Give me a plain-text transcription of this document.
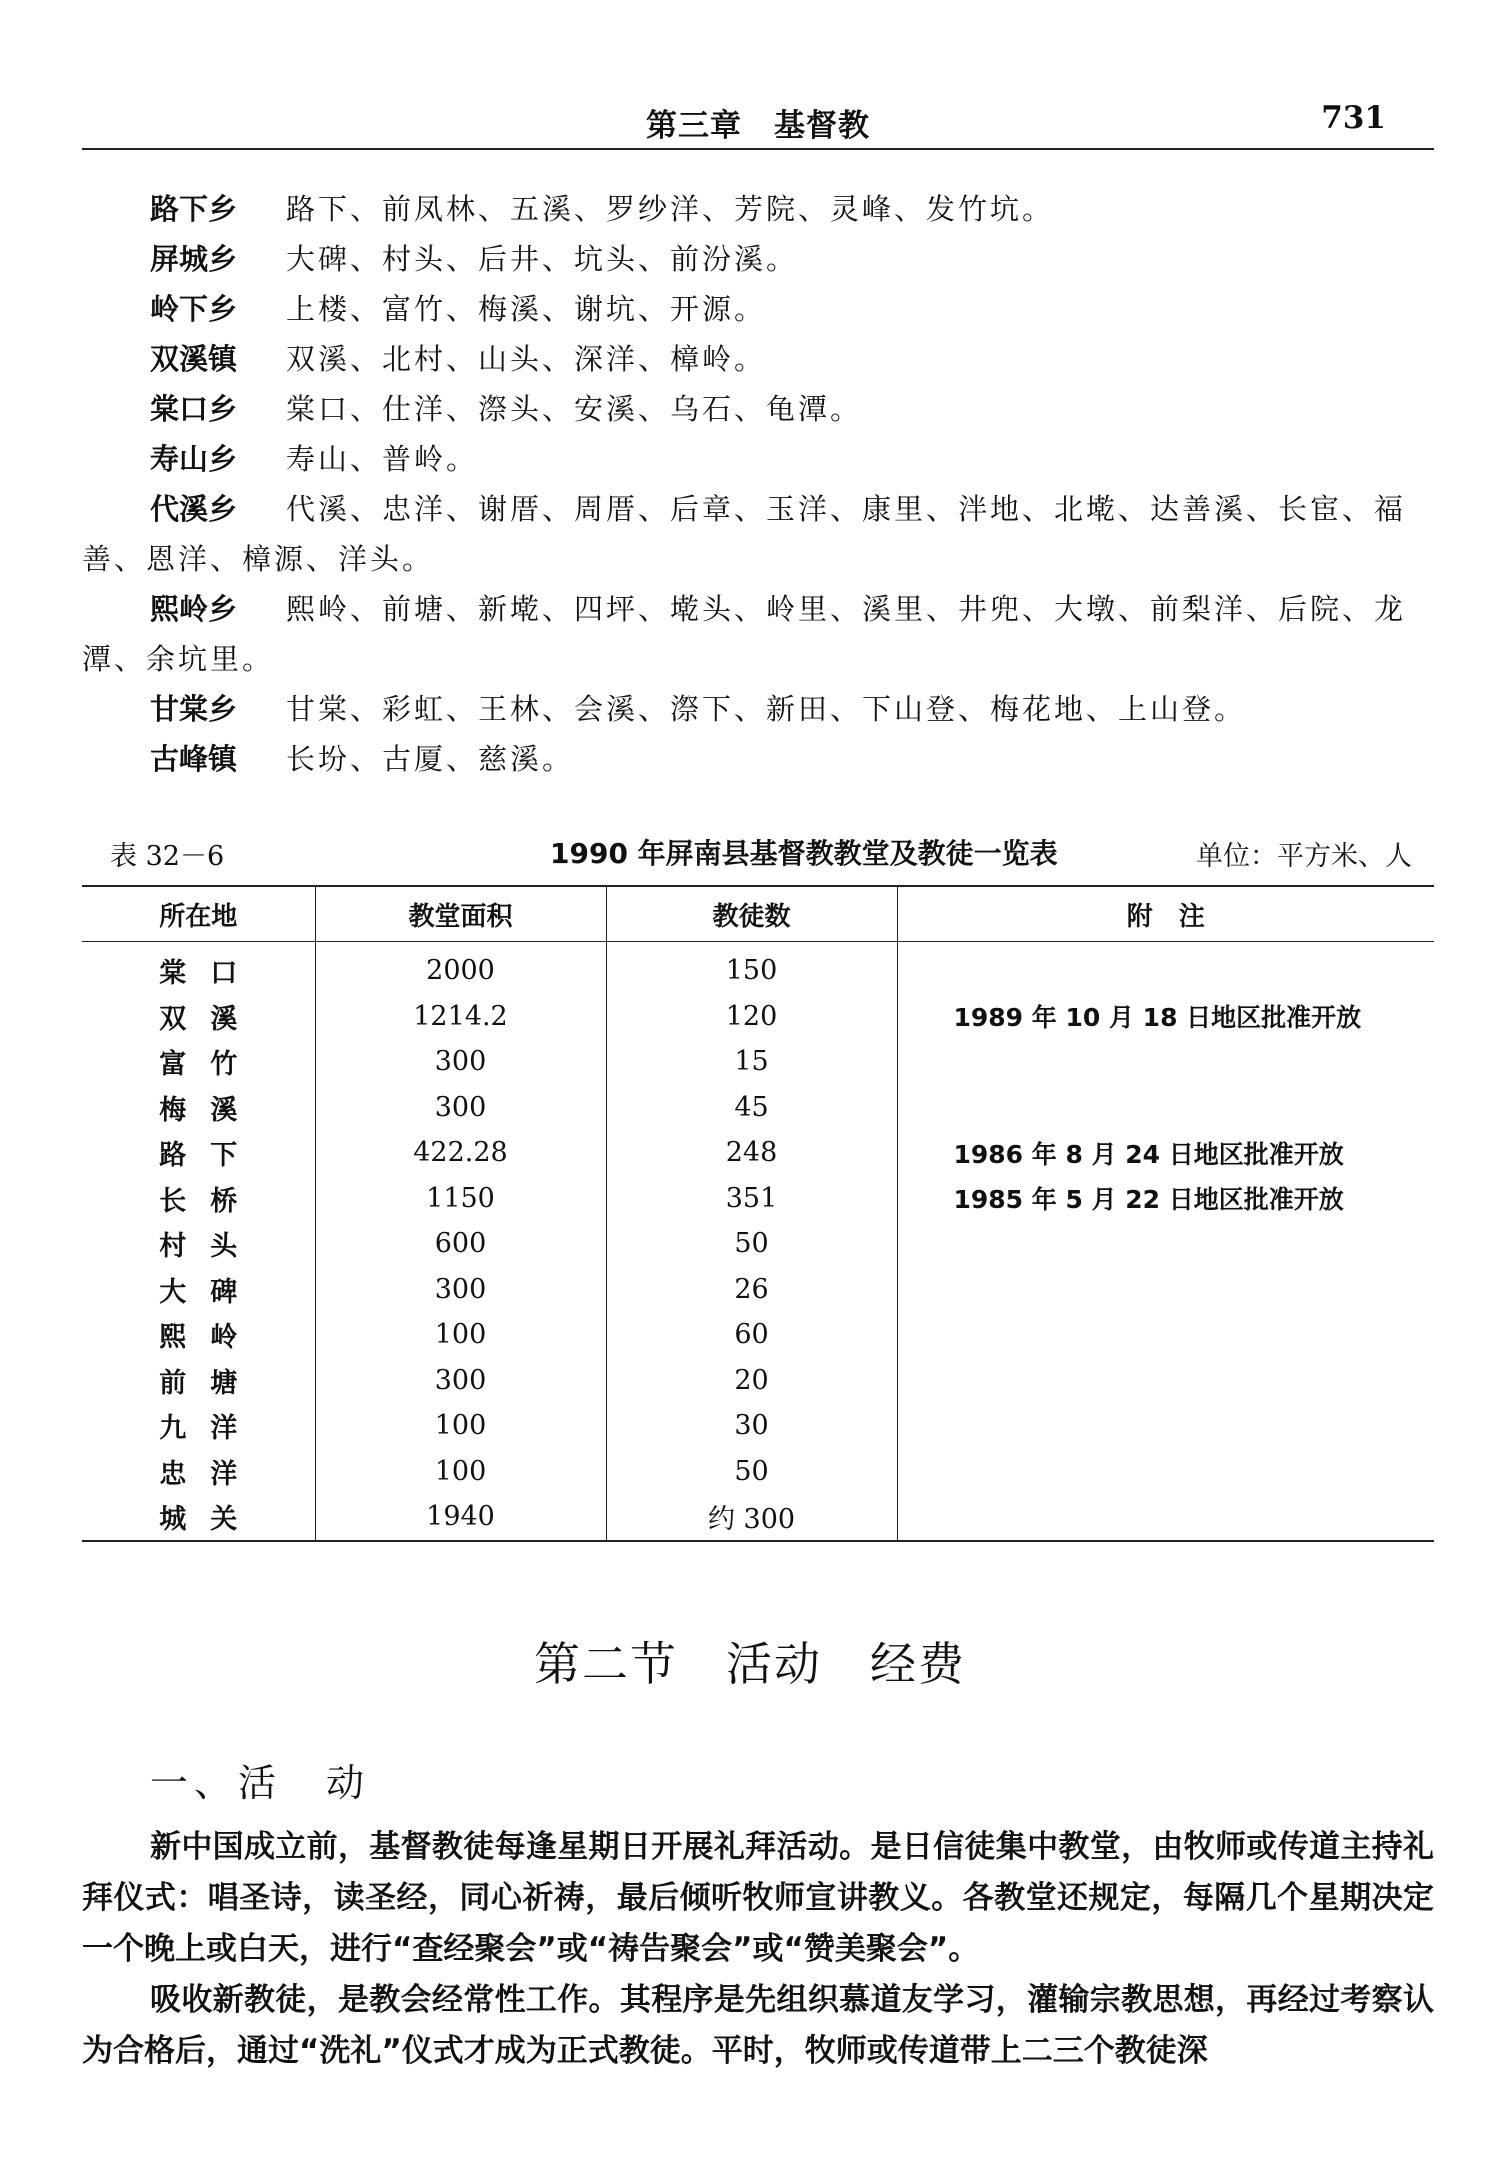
第三章　基督教	731
路下乡 路下、前凤林、五溪、罗纱洋、芳院、灵峰、发竹坑。
屏城乡 大碑、村头、后井、坑头、前汾溪。
岭下乡 上楼、富竹、梅溪、谢坑、开源。
双溪镇 双溪、北村、山头、深洋、樟岭。
棠口乡 棠口、仕洋、漈头、安溪、乌石、龟潭。
寿山乡 寿山、普岭。
代溪乡 代溪、忠洋、谢厝、周厝、后章、玉洋、康里、泮地、北墘、达善溪、长宦、福善、恩洋、樟源、洋头。
熙岭乡 熙岭、前塘、新墘、四坪、墘头、岭里、溪里、井兜、大墩、前梨洋、后院、龙潭、余坑里。
甘棠乡 甘棠、彩虹、王林、会溪、漈下、新田、下山登、梅花地、上山登。
古峰镇 长坋、古厦、慈溪。
表 32－6	1990 年屏南县基督教教堂及教徒一览表	单位：平方米、人
所在地	教堂面积	教徒数	附　注
棠口	2000	150	
双溪	1214.2	120	1989 年 10 月 18 日地区批准开放
富竹	300	15	
梅溪	300	45	
路下	422.28	248	1986 年 8 月 24 日地区批准开放
长桥	1150	351	1985 年 5 月 22 日地区批准开放
村头	600	50	
大碑	300	26	
熙岭	100	60	
前塘	300	20	
九洋	100	30	
忠洋	100	50	
城关	1940	约 300	
第二节　活动　经费
一、活　动

新中国成立前，基督教徒每逢星期日开展礼拜活动。是日信徒集中教堂，由牧师或传道主持礼拜仪式：唱圣诗，读圣经，同心祈祷，最后倾听牧师宣讲教义。各教堂还规定，每隔几个星期决定一个晚上或白天，进行“查经聚会”或“祷告聚会”或“赞美聚会”。

吸收新教徒，是教会经常性工作。其程序是先组织慕道友学习，灌输宗教思想，再经过考察认为合格后，通过“洗礼”仪式才成为正式教徒。平时，牧师或传道带上二三个教徒深
